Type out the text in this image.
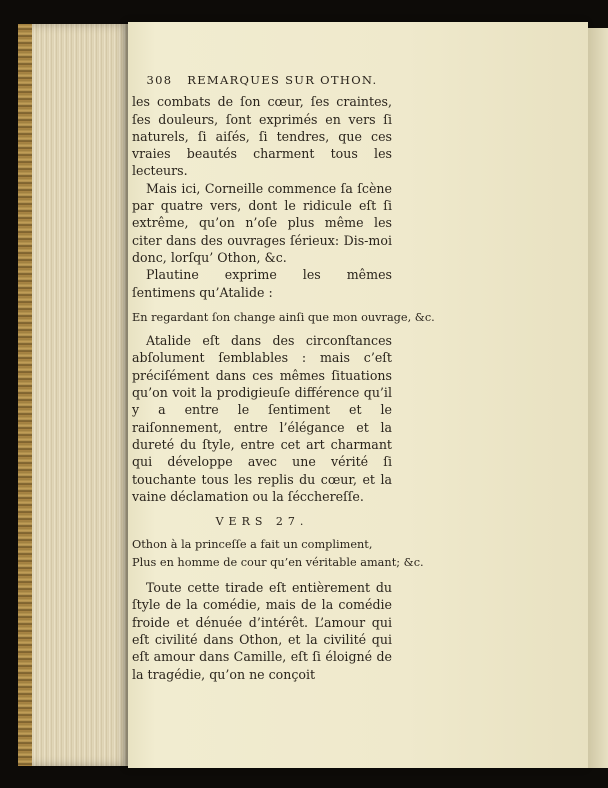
308 REMARQUES SUR OTHON.

les combats de ſon cœur, ſes craintes, ſes douleurs, ſont exprimés en vers ſi naturels, ſi aiſés, ſi tendres, que ces vraies beautés charment tous les lecteurs.

Mais ici, Corneille commence ſa ſcène par quatre vers, dont le ridicule eſt ſi extrême, qu’on n’oſe plus même les citer dans des ouvrages ſérieux: Dis-moi donc, lorſqu’ Othon, &c.

Plautine exprime les mêmes ſentimens qu’Atalide :

En regardant ſon change ainſi que mon ouvrage, &c.

Atalide eſt dans des circonſtances abſolument ſemblables : mais c’eſt préciſément dans ces mêmes ſituations qu’on voit la prodigieuſe différence qu’il y a entre le ſentiment et le raiſonnement, entre l’élégance et la dureté du ſtyle, entre cet art charmant qui développe avec une vérité ſi touchante tous les replis du cœur, et la vaine déclamation ou la ſécchereſſe.

VERS 27.

Othon à la princeſſe a fait un compliment,

Plus en homme de cour qu’en véritable amant; &c.

Toute cette tirade eſt entièrement du ſtyle de la comédie, mais de la comédie froide et dénuée d’intérêt. L’amour qui eſt civilité dans Othon, et la civilité qui eſt amour dans Camille, eſt ſi éloigné de la tragédie, qu’on ne conçoit
